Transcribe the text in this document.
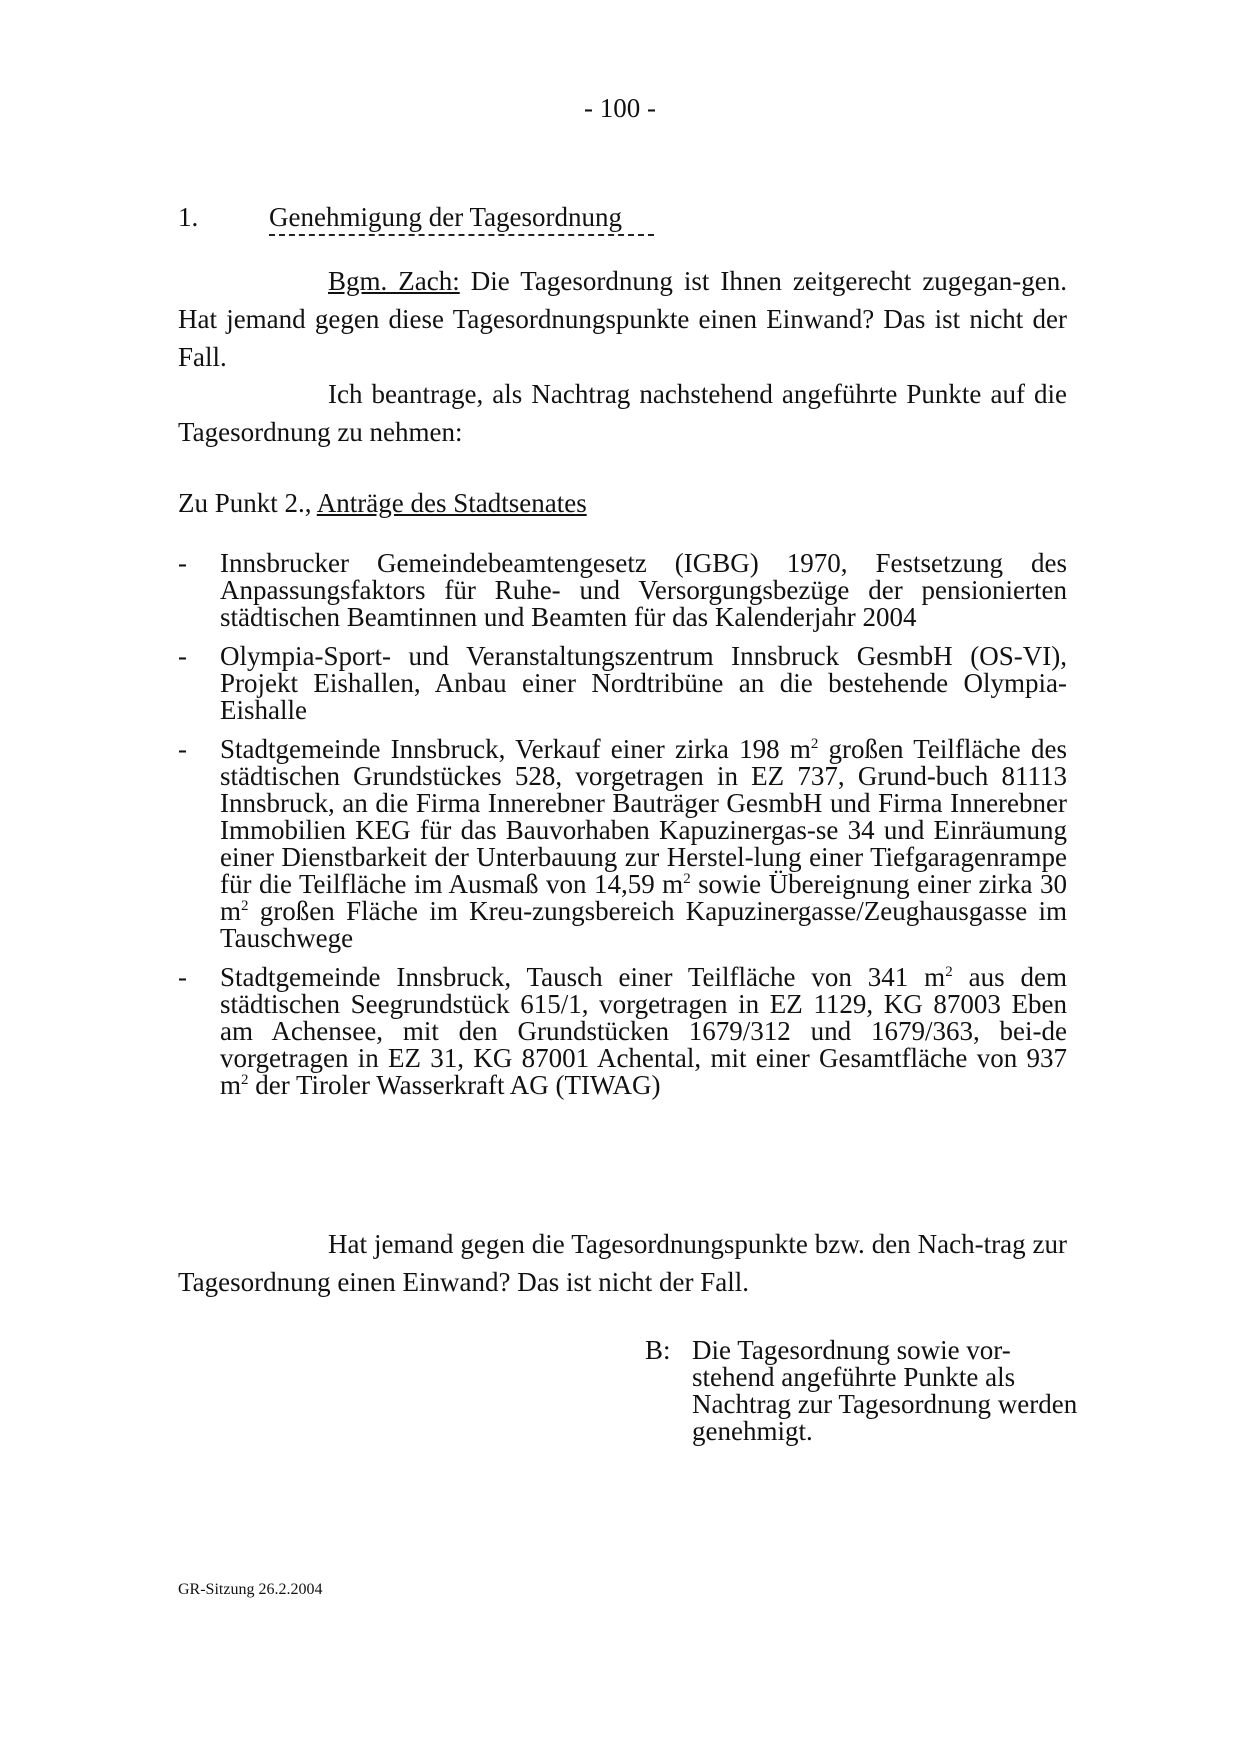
- 100 -
1.	Genehmigung der Tagesordnung
Bgm. Zach: Die Tagesordnung ist Ihnen zeitgerecht zugegan-gen. Hat jemand gegen diese Tagesordnungspunkte einen Einwand? Das ist nicht der Fall.
Ich beantrage, als Nachtrag nachstehend angeführte Punkte auf die Tagesordnung zu nehmen:
Zu Punkt 2., Anträge des Stadtsenates
- Innsbrucker Gemeindebeamtengesetz (IGBG) 1970, Festsetzung des Anpassungsfaktors für Ruhe- und Versorgungsbezüge der pensionierten städtischen Beamtinnen und Beamten für das Kalenderjahr 2004
- Olympia-Sport- und Veranstaltungszentrum Innsbruck GesmbH (OS-VI), Projekt Eishallen, Anbau einer Nordtribüne an die bestehende Olympia-Eishalle
- Stadtgemeinde Innsbruck, Verkauf einer zirka 198 $m^2$ großen Teilfläche des städtischen Grundstückes 528, vorgetragen in EZ 737, Grund-buch 81113 Innsbruck, an die Firma Innerebner Bauträger GesmbH und Firma Innerebner Immobilien KEG für das Bauvorhaben Kapuzinergas-se 34 und Einräumung einer Dienstbarkeit der Unterbauung zur Herstel-lung einer Tiefgaragenrampe für die Teilfläche im Ausmaß von 14,59 $m^2$ sowie Übereignung einer zirka 30 $m^2$ großen Fläche im Kreu-zungsbereich Kapuzinergasse/Zeughausgasse im Tauschwege
- Stadtgemeinde Innsbruck, Tausch einer Teilfläche von 341 $m^2$ aus dem städtischen Seegrundstück 615/1, vorgetragen in EZ 1129, KG 87003 Eben am Achensee, mit den Grundstücken 1679/312 und 1679/363, bei-de vorgetragen in EZ 31, KG 87001 Achental, mit einer Gesamtfläche von 937 $m^2$ der Tiroler Wasserkraft AG (TIWAG)
Hat jemand gegen die Tagesordnungspunkte bzw. den Nach-trag zur Tagesordnung einen Einwand? Das ist nicht der Fall.
B: Die Tagesordnung sowie vor-stehend angeführte Punkte als Nachtrag zur Tagesordnung werden genehmigt.
GR-Sitzung 26.2.2004
